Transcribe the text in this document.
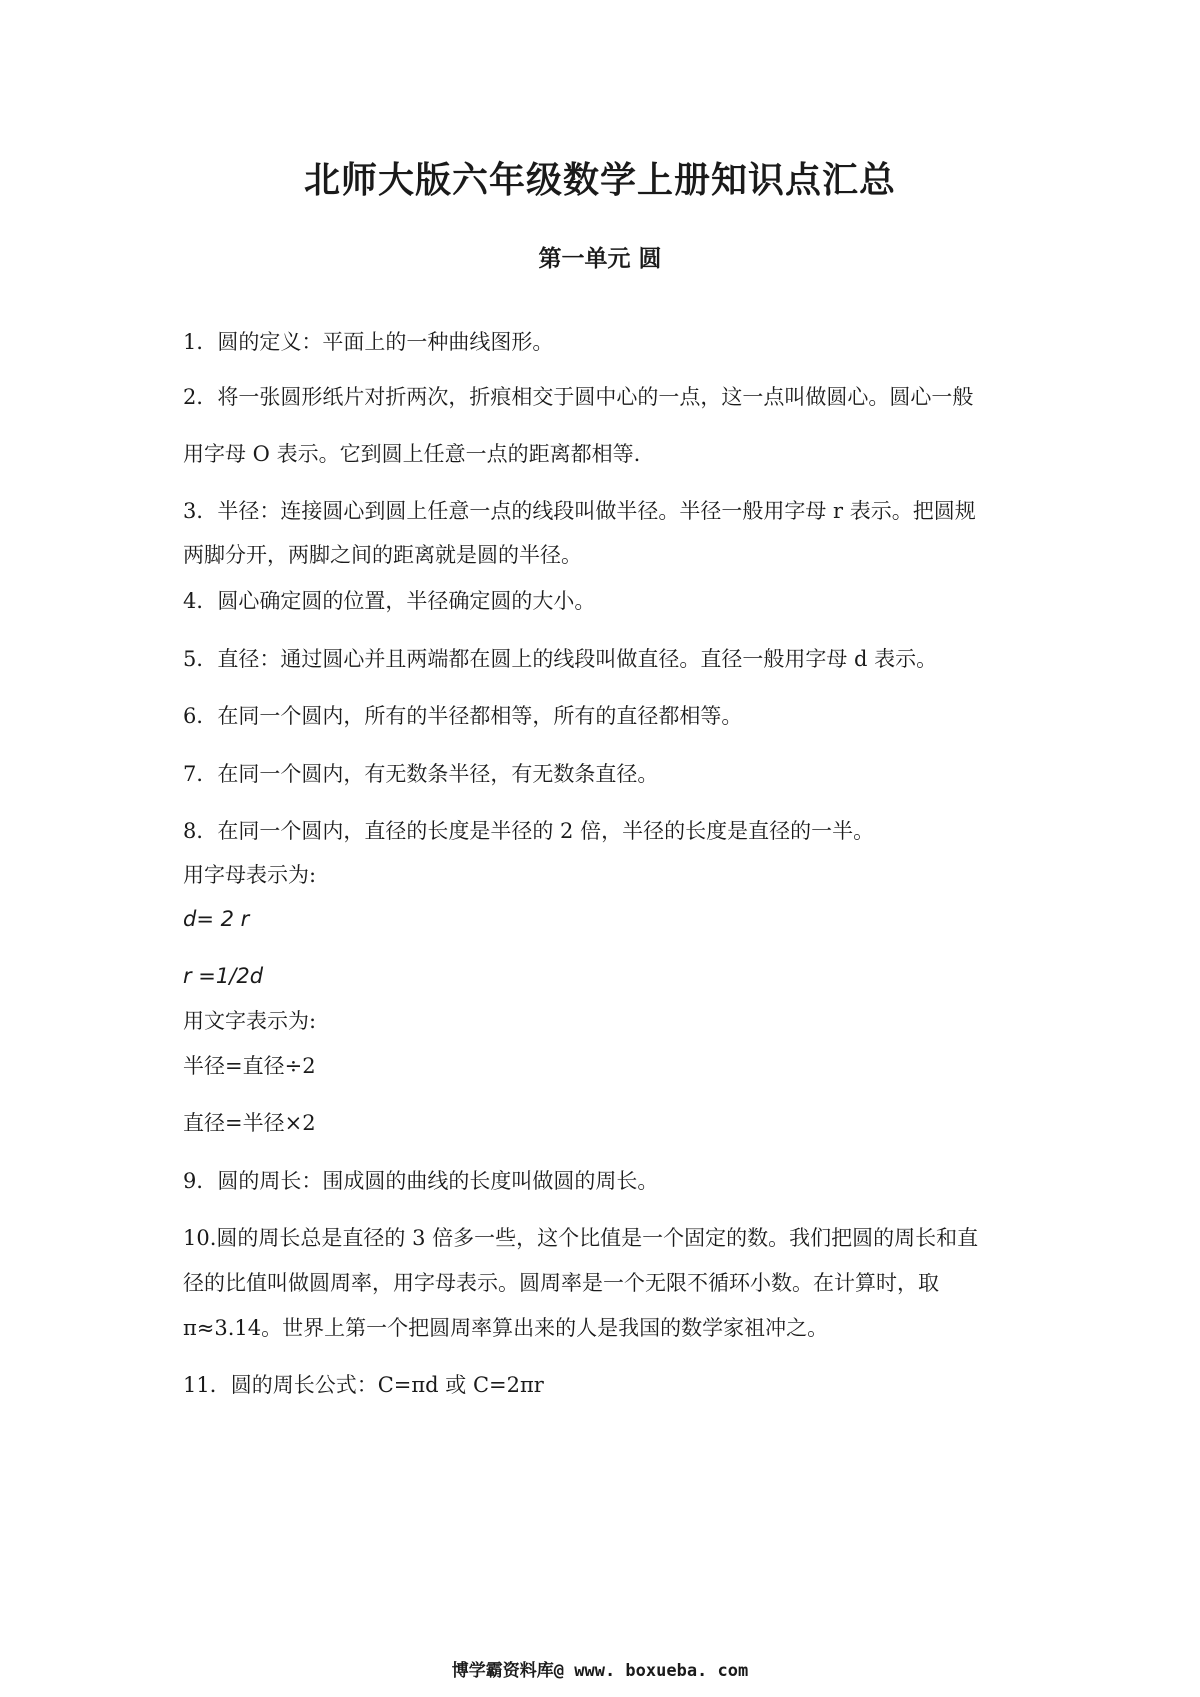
北师大版六年级数学上册知识点汇总
第一单元 圆

1．圆的定义：平面上的一种曲线图形。

2．将一张圆形纸片对折两次，折痕相交于圆中心的一点，这一点叫做圆心。圆心一般

用字母 O 表示。它到圆上任意一点的距离都相等.

3．半径：连接圆心到圆上任意一点的线段叫做半径。半径一般用字母 r 表示。把圆规

两脚分开，两脚之间的距离就是圆的半径。

4．圆心确定圆的位置，半径确定圆的大小。

5．直径：通过圆心并且两端都在圆上的线段叫做直径。直径一般用字母 d 表示。

6．在同一个圆内，所有的半径都相等，所有的直径都相等。

7．在同一个圆内，有无数条半径，有无数条直径。

8．在同一个圆内，直径的长度是半径的 2 倍，半径的长度是直径的一半。

用字母表示为:

d= 2 r

r =1/2d

用文字表示为:

半径=直径÷2

直径=半径×2

9．圆的周长：围成圆的曲线的长度叫做圆的周长。

10.圆的周长总是直径的 3 倍多一些，这个比值是一个固定的数。我们把圆的周长和直

径的比值叫做圆周率，用字母表示。圆周率是一个无限不循环小数。在计算时，取

π≈3.14。世界上第一个把圆周率算出来的人是我国的数学家祖冲之。

11．圆的周长公式：C=πd 或 C=2πr

博学霸资料库@ www. boxueba. com
